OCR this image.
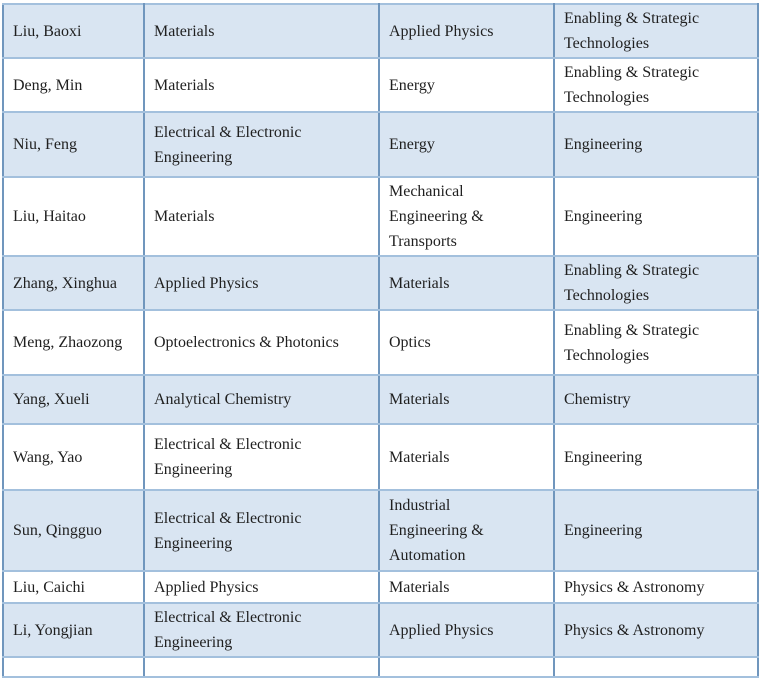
Liu, Baoxi	Materials	Applied Physics	Enabling & Strategic Technologies
Deng, Min	Materials	Energy	Enabling & Strategic Technologies
Niu, Feng	Electrical & Electronic Engineering	Energy	Engineering
Liu, Haitao	Materials	Mechanical Engineering & Transports	Engineering
Zhang, Xinghua	Applied Physics	Materials	Enabling & Strategic Technologies
Meng, Zhaozong	Optoelectronics & Photonics	Optics	Enabling & Strategic Technologies
Yang, Xueli	Analytical Chemistry	Materials	Chemistry
Wang, Yao	Electrical & Electronic Engineering	Materials	Engineering
Sun, Qingguo	Electrical & Electronic Engineering	Industrial Engineering & Automation	Engineering
Liu, Caichi	Applied Physics	Materials	Physics & Astronomy
Li, Yongjian	Electrical & Electronic Engineering	Applied Physics	Physics & Astronomy
